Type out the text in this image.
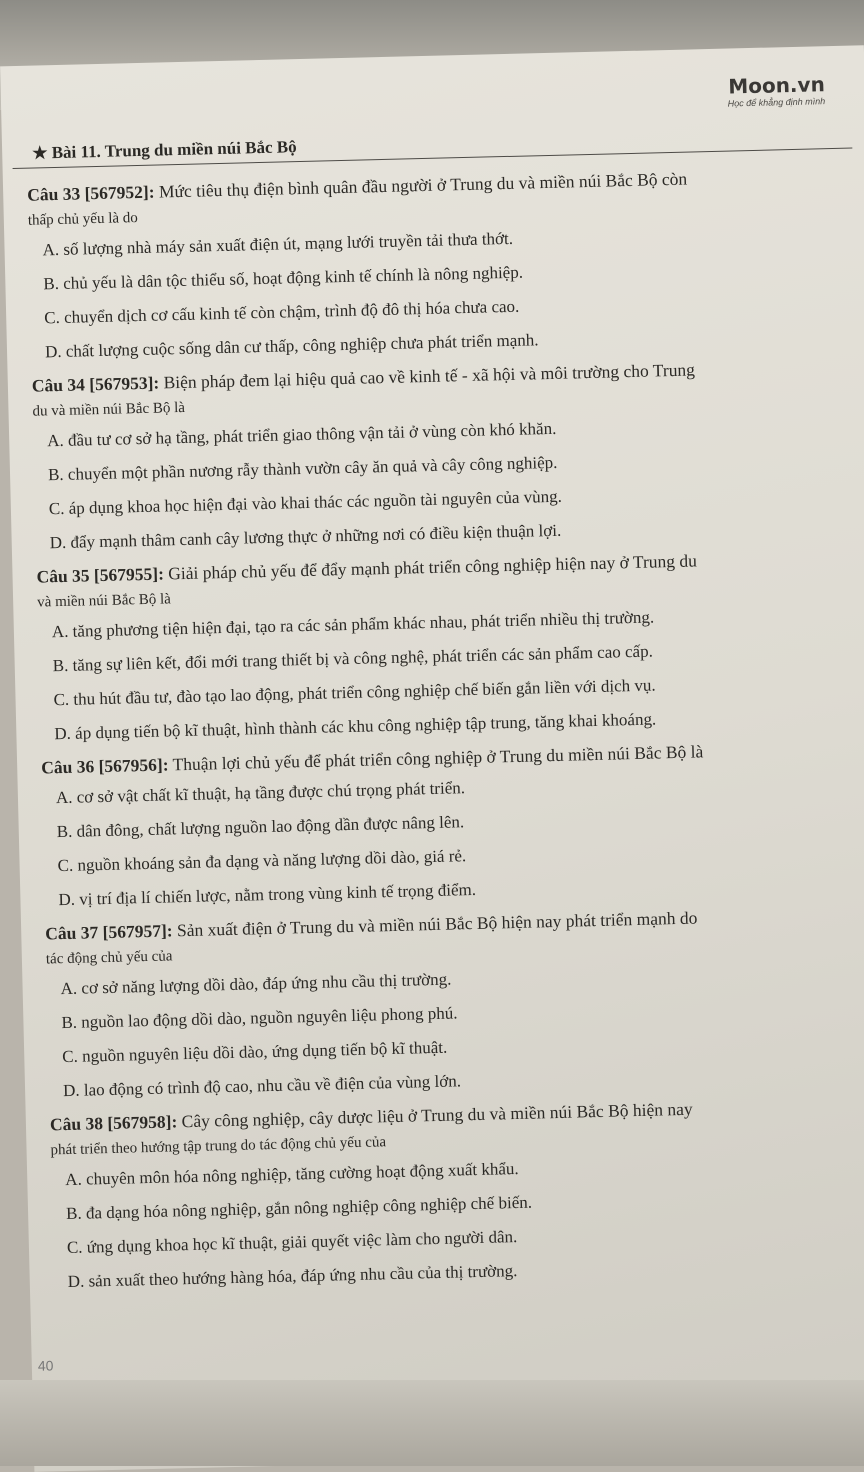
Moon.vn
Học để khẳng định mình
★ Bài 11. Trung du miền núi Bắc Bộ
Câu 33 [567952]: Mức tiêu thụ điện bình quân đầu người ở Trung du và miền núi Bắc Bộ còn
thấp chủ yếu là do
A. số lượng nhà máy sản xuất điện út, mạng lưới truyền tải thưa thớt.
B. chủ yếu là dân tộc thiểu số, hoạt động kinh tế chính là nông nghiệp.
C. chuyển dịch cơ cấu kinh tế còn chậm, trình độ đô thị hóa chưa cao.
D. chất lượng cuộc sống dân cư thấp, công nghiệp chưa phát triển mạnh.
Câu 34 [567953]: Biện pháp đem lại hiệu quả cao về kinh tế - xã hội và môi trường cho Trung
du và miền núi Bắc Bộ là
A. đầu tư cơ sở hạ tầng, phát triển giao thông vận tải ở vùng còn khó khăn.
B. chuyển một phần nương rẫy thành vườn cây ăn quả và cây công nghiệp.
C. áp dụng khoa học hiện đại vào khai thác các nguồn tài nguyên của vùng.
D. đẩy mạnh thâm canh cây lương thực ở những nơi có điều kiện thuận lợi.
Câu 35 [567955]: Giải pháp chủ yếu để đẩy mạnh phát triển công nghiệp hiện nay ở Trung du
và miền núi Bắc Bộ là
A. tăng phương tiện hiện đại, tạo ra các sản phẩm khác nhau, phát triển nhiều thị trường.
B. tăng sự liên kết, đổi mới trang thiết bị và công nghệ, phát triển các sản phẩm cao cấp.
C. thu hút đầu tư, đào tạo lao động, phát triển công nghiệp chế biến gắn liền với dịch vụ.
D. áp dụng tiến bộ kĩ thuật, hình thành các khu công nghiệp tập trung, tăng khai khoáng.
Câu 36 [567956]: Thuận lợi chủ yếu để phát triển công nghiệp ở Trung du miền núi Bắc Bộ là
A. cơ sở vật chất kĩ thuật, hạ tầng được chú trọng phát triển.
B. dân đông, chất lượng nguồn lao động dần được nâng lên.
C. nguồn khoáng sản đa dạng và năng lượng dồi dào, giá rẻ.
D. vị trí địa lí chiến lược, nằm trong vùng kinh tế trọng điểm.
Câu 37 [567957]: Sản xuất điện ở Trung du và miền núi Bắc Bộ hiện nay phát triển mạnh do
tác động chủ yếu của
A. cơ sở năng lượng dồi dào, đáp ứng nhu cầu thị trường.
B. nguồn lao động dồi dào, nguồn nguyên liệu phong phú.
C. nguồn nguyên liệu dồi dào, ứng dụng tiến bộ kĩ thuật.
D. lao động có trình độ cao, nhu cầu về điện của vùng lớn.
Câu 38 [567958]: Cây công nghiệp, cây dược liệu ở Trung du và miền núi Bắc Bộ hiện nay
phát triển theo hướng tập trung do tác động chủ yếu của
A. chuyên môn hóa nông nghiệp, tăng cường hoạt động xuất khẩu.
B. đa dạng hóa nông nghiệp, gắn nông nghiệp công nghiệp chế biến.
C. ứng dụng khoa học kĩ thuật, giải quyết việc làm cho người dân.
D. sản xuất theo hướng hàng hóa, đáp ứng nhu cầu của thị trường.
40
